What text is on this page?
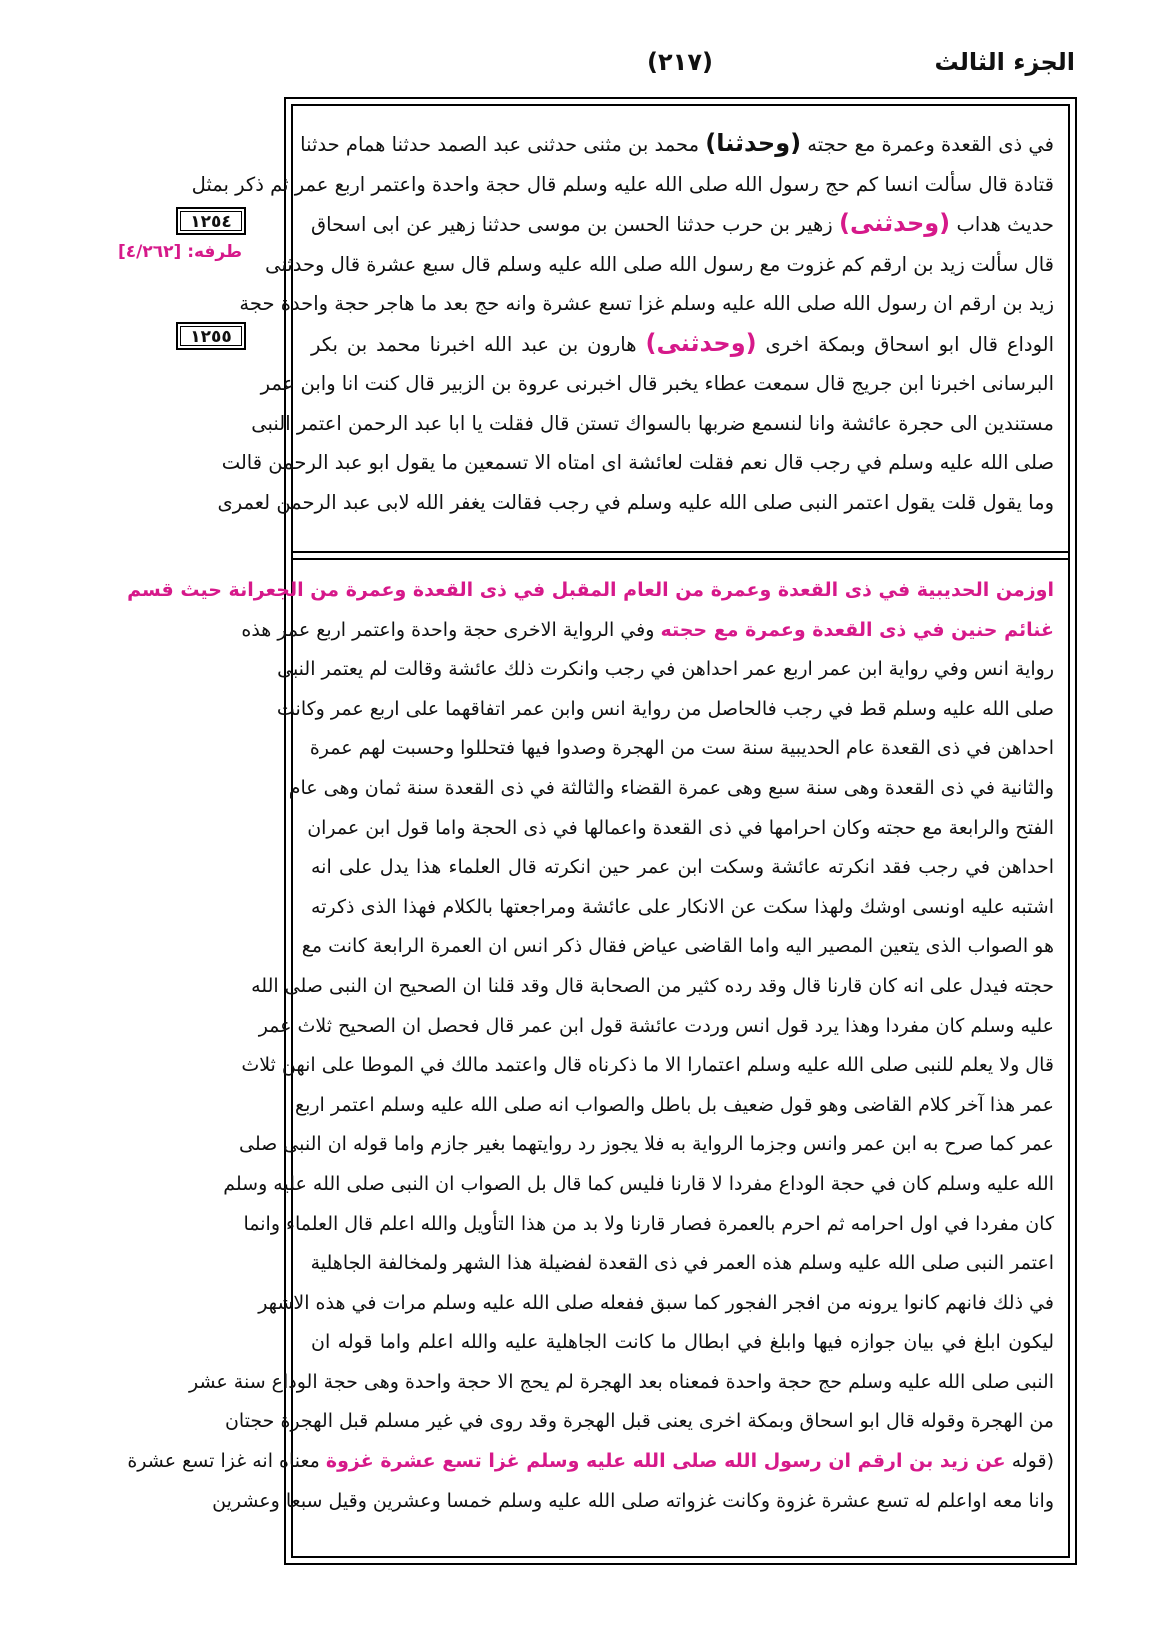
الجزء الثالث
(٢١٧)
١٢٥٤
طرفه: [٤/٢٦٢]
١٢٥٥
في ذى القعدة وعمرة مع حجته (وحدثنا) محمد بن مثنى حدثنى عبد الصمد حدثنا همام حدثنا
قتادة قال سألت انسا كم حج رسول الله صلى الله عليه وسلم قال حجة واحدة واعتمر اربع عمر ثم ذكر بمثل
حديث هداب (وحدثنى) زهير بن حرب حدثنا الحسن بن موسى حدثنا زهير عن ابى اسحاق
قال سألت زيد بن ارقم كم غزوت مع رسول الله صلى الله عليه وسلم قال سبع عشرة قال وحدثنى
زيد بن ارقم ان رسول الله صلى الله عليه وسلم غزا تسع عشرة وانه حج بعد ما هاجر حجة واحدة حجة
الوداع قال ابو اسحاق وبمكة اخرى (وحدثنى) هارون بن عبد الله اخبرنا محمد بن بكر
البرسانى اخبرنا ابن جريج قال سمعت عطاء يخبر قال اخبرنى عروة بن الزبير قال كنت انا وابن عمر
مستندين الى حجرة عائشة وانا لنسمع ضربها بالسواك تستن قال فقلت يا ابا عبد الرحمن اعتمر النبى
صلى الله عليه وسلم في رجب قال نعم فقلت لعائشة اى امتاه الا تسمعين ما يقول ابو عبد الرحمن قالت
وما يقول قلت يقول اعتمر النبى صلى الله عليه وسلم في رجب فقالت يغفر الله لابى عبد الرحمن لعمرى
اوزمن الحديبية في ذى القعدة وعمرة من العام المقبل في ذى القعدة وعمرة من الجعرانة حيث قسم
غنائم حنين في ذى القعدة وعمرة مع حجته وفي الرواية الاخرى حجة واحدة واعتمر اربع عمر هذه
رواية انس وفي رواية ابن عمر اربع عمر احداهن في رجب وانكرت ذلك عائشة وقالت لم يعتمر النبى
صلى الله عليه وسلم قط في رجب فالحاصل من رواية انس وابن عمر اتفاقهما على اربع عمر وكانت
احداهن في ذى القعدة عام الحديبية سنة ست من الهجرة وصدوا فيها فتحللوا وحسبت لهم عمرة
والثانية في ذى القعدة وهى سنة سبع وهى عمرة القضاء والثالثة في ذى القعدة سنة ثمان وهى عام
الفتح والرابعة مع حجته وكان احرامها في ذى القعدة واعمالها في ذى الحجة واما قول ابن عمران
احداهن في رجب فقد انكرته عائشة وسكت ابن عمر حين انكرته قال العلماء هذا يدل على انه
اشتبه عليه اونسى اوشك ولهذا سكت عن الانكار على عائشة ومراجعتها بالكلام فهذا الذى ذكرته
هو الصواب الذى يتعين المصير اليه واما القاضى عياض فقال ذكر انس ان العمرة الرابعة كانت مع
حجته فيدل على انه كان قارنا قال وقد رده كثير من الصحابة قال وقد قلنا ان الصحيح ان النبى صلى الله
عليه وسلم كان مفردا وهذا يرد قول انس وردت عائشة قول ابن عمر قال فحصل ان الصحيح ثلاث عمر
قال ولا يعلم للنبى صلى الله عليه وسلم اعتمارا الا ما ذكرناه قال واعتمد مالك في الموطا على انهن ثلاث
عمر هذا آخر كلام القاضى وهو قول ضعيف بل باطل والصواب انه صلى الله عليه وسلم اعتمر اربع
عمر كما صرح به ابن عمر وانس وجزما الرواية به فلا يجوز رد روايتهما بغير جازم واما قوله ان النبى صلى
الله عليه وسلم كان في حجة الوداع مفردا لا قارنا فليس كما قال بل الصواب ان النبى صلى الله عليه وسلم
كان مفردا في اول احرامه ثم احرم بالعمرة فصار قارنا ولا بد من هذا التأويل والله اعلم قال العلماء وانما
اعتمر النبى صلى الله عليه وسلم هذه العمر في ذى القعدة لفضيلة هذا الشهر ولمخالفة الجاهلية
في ذلك فانهم كانوا يرونه من افجر الفجور كما سبق ففعله صلى الله عليه وسلم مرات في هذه الاشهر
ليكون ابلغ في بيان جوازه فيها وابلغ في ابطال ما كانت الجاهلية عليه والله اعلم واما قوله ان
النبى صلى الله عليه وسلم حج حجة واحدة فمعناه بعد الهجرة لم يحج الا حجة واحدة وهى حجة الوداع سنة عشر
من الهجرة وقوله قال ابو اسحاق وبمكة اخرى يعنى قبل الهجرة وقد روى في غير مسلم قبل الهجرة حجتان
(قوله عن زيد بن ارقم ان رسول الله صلى الله عليه وسلم غزا تسع عشرة غزوة معناه انه غزا تسع عشرة
وانا معه اواعلم له تسع عشرة غزوة وكانت غزواته صلى الله عليه وسلم خمسا وعشرين وقيل سبعا وعشرين
